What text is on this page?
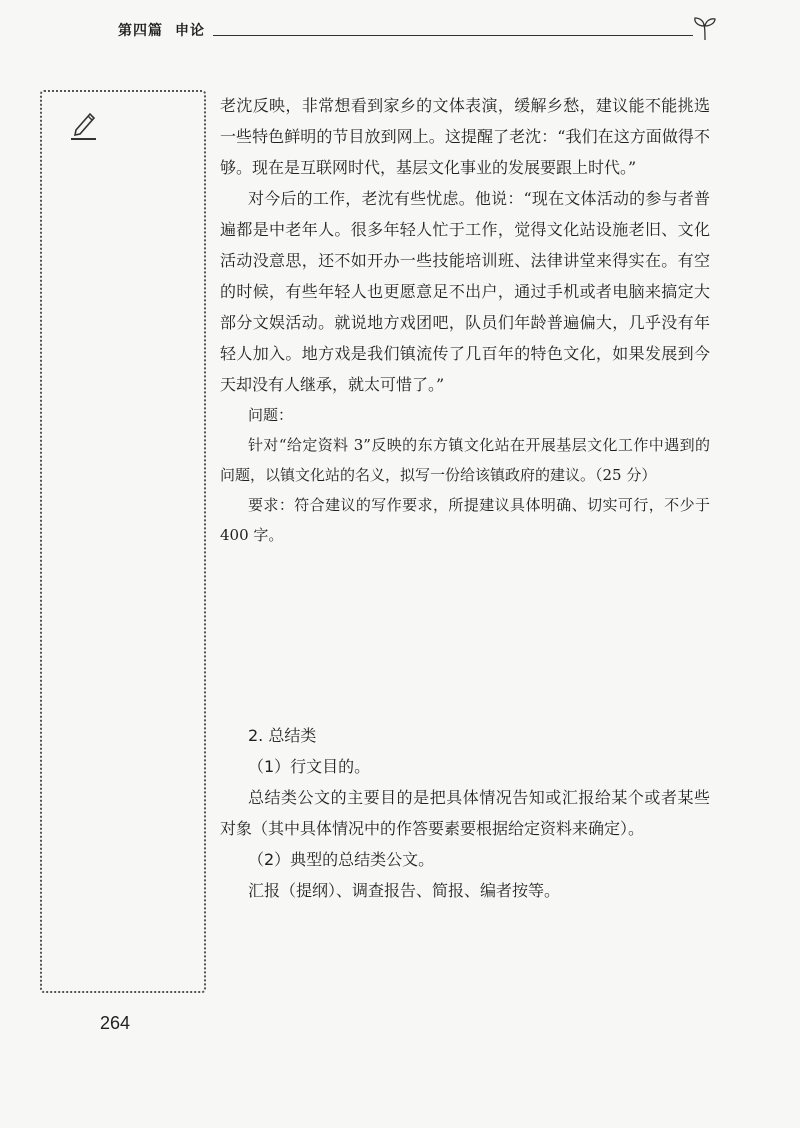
第四篇 申论

老沈反映，非常想看到家乡的文体表演，缓解乡愁，建议能不能挑选一些特色鲜明的节目放到网上。这提醒了老沈：“我们在这方面做得不够。现在是互联网时代，基层文化事业的发展要跟上时代。”

对今后的工作，老沈有些忧虑。他说：“现在文体活动的参与者普遍都是中老年人。很多年轻人忙于工作，觉得文化站设施老旧、文化活动没意思，还不如开办一些技能培训班、法律讲堂来得实在。有空的时候，有些年轻人也更愿意足不出户，通过手机或者电脑来搞定大部分文娱活动。就说地方戏团吧，队员们年龄普遍偏大，几乎没有年轻人加入。地方戏是我们镇流传了几百年的特色文化，如果发展到今天却没有人继承，就太可惜了。”

问题：

针对“给定资料 3”反映的东方镇文化站在开展基层文化工作中遇到的问题，以镇文化站的名义，拟写一份给该镇政府的建议。（25 分）

要求：符合建议的写作要求，所提建议具体明确、切实可行，不少于 400 字。

2. 总结类

（1）行文目的。

总结类公文的主要目的是把具体情况告知或汇报给某个或者某些对象（其中具体情况中的作答要素要根据给定资料来确定）。

（2）典型的总结类公文。

汇报（提纲）、调查报告、简报、编者按等。

264
